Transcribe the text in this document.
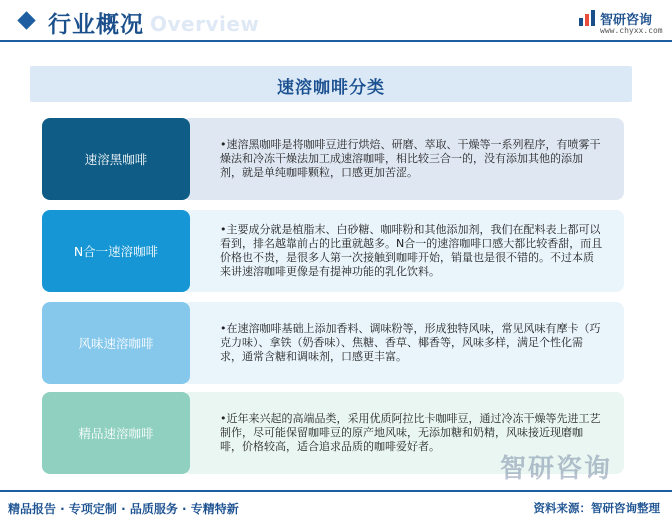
Overview
行业概况	智研咨询
www.chyxx.com
速溶咖啡分类
•速溶黑咖啡是将咖啡豆进行烘焙、研磨、萃取、干燥等一系列程序，有喷雾干燥法和冷冻干燥法加工成速溶咖啡，相比较三合一的，没有添加其他的添加剂，就是单纯咖啡颗粒，口感更加苦涩。
速溶黑咖啡
•主要成分就是植脂末、白砂糖、咖啡粉和其他添加剂，我们在配料表上都可以看到，排名越靠前占的比重就越多。N合一的速溶咖啡口感大都比较香甜，而且价格也不贵，是很多人第一次接触到咖啡开始，销量也是很不错的。不过本质来讲速溶咖啡更像是有提神功能的乳化饮料。
N合一速溶咖啡
•在速溶咖啡基础上添加香料、调味粉等，形成独特风味，常见风味有摩卡（巧克力味）、拿铁（奶香味）、焦糖、香草、椰香等，风味多样，满足个性化需求，通常含糖和调味剂，口感更丰富。
风味速溶咖啡
•近年来兴起的高端品类，采用优质阿拉比卡咖啡豆，通过冷冻干燥等先进工艺制作，尽可能保留咖啡豆的原产地风味，无添加糖和奶精，风味接近现磨咖啡，价格较高，适合追求品质的咖啡爱好者。
精品速溶咖啡
智研咨询
精品报告 · 专项定制 · 品质服务 · 专精特新	资料来源：智研咨询整理
